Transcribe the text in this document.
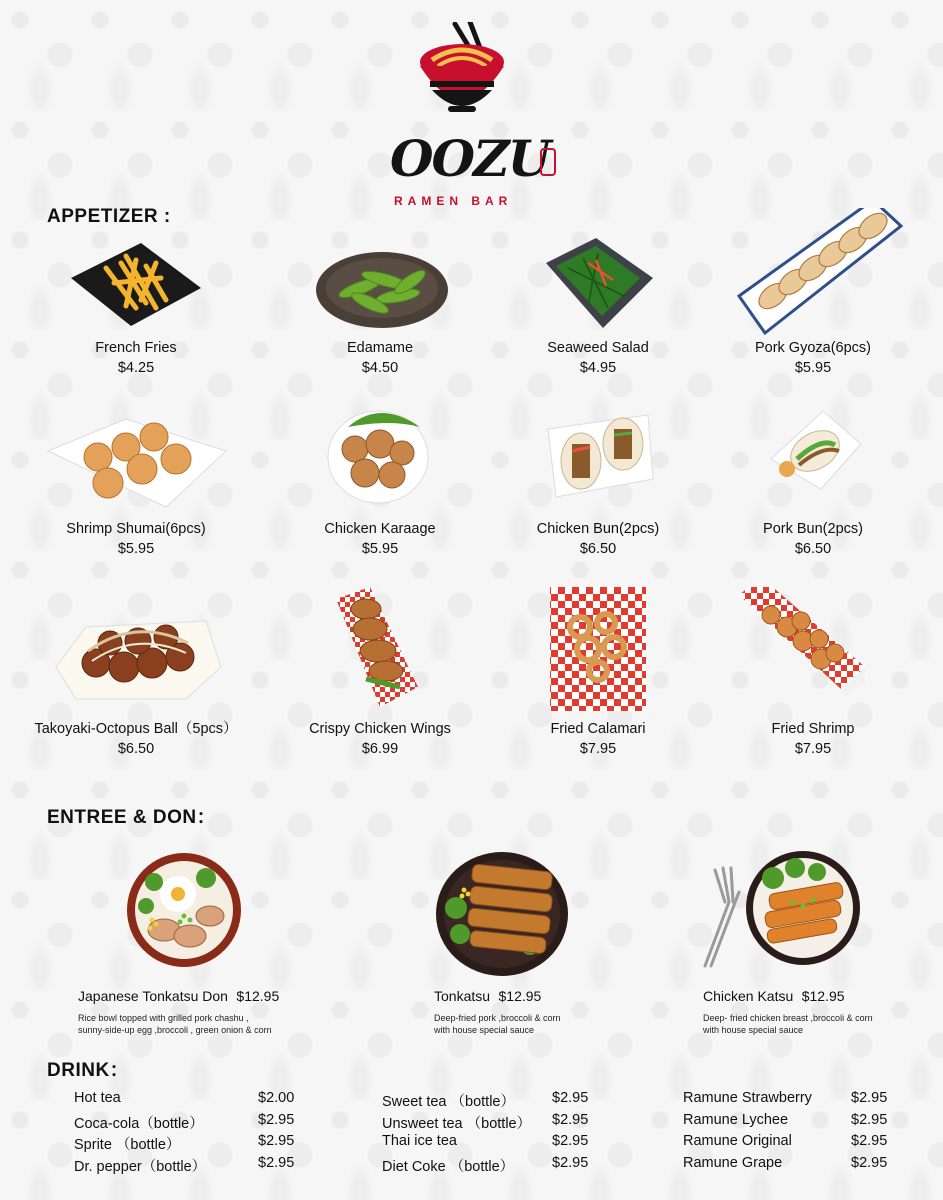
OOZU
RAMEN BAR
APPETIZER :
French Fries
$4.25
Edamame
$4.50
Seaweed Salad
$4.95
Pork Gyoza(6pcs)
$5.95
Shrimp Shumai(6pcs)
$5.95
Chicken Karaage
$5.95
Chicken Bun(2pcs)
$6.50
Pork Bun(2pcs)
$6.50
Takoyaki-Octopus Ball（5pcs）
$6.50
Crispy Chicken Wings
$6.99
Fried Calamari
$7.95
Fried Shrimp
$7.95
ENTREE & DON：
Japanese Tonkatsu Don $12.95
Rice bowl topped with grilled pork chashu ,
sunny-side-up egg ,broccoli , green onion & corn
Tonkatsu $12.95
Deep-fried pork ,broccoli & corn
with house special sauce
Chicken Katsu $12.95
Deep- fried chicken breast ,broccoli & corn
with house special sauce
DRINK：
Hot tea	$2.00
Coca-cola（bottle）	$2.95
Sprite （bottle）	$2.95
Dr. pepper（bottle）	$2.95
Sweet tea （bottle）	$2.95
Unsweet tea （bottle） $2.95
Thai ice tea	$2.95
Diet Coke （bottle）	$2.95
Ramune Strawberry	$2.95
Ramune Lychee	$2.95
Ramune Original	$2.95
Ramune Grape	$2.95
